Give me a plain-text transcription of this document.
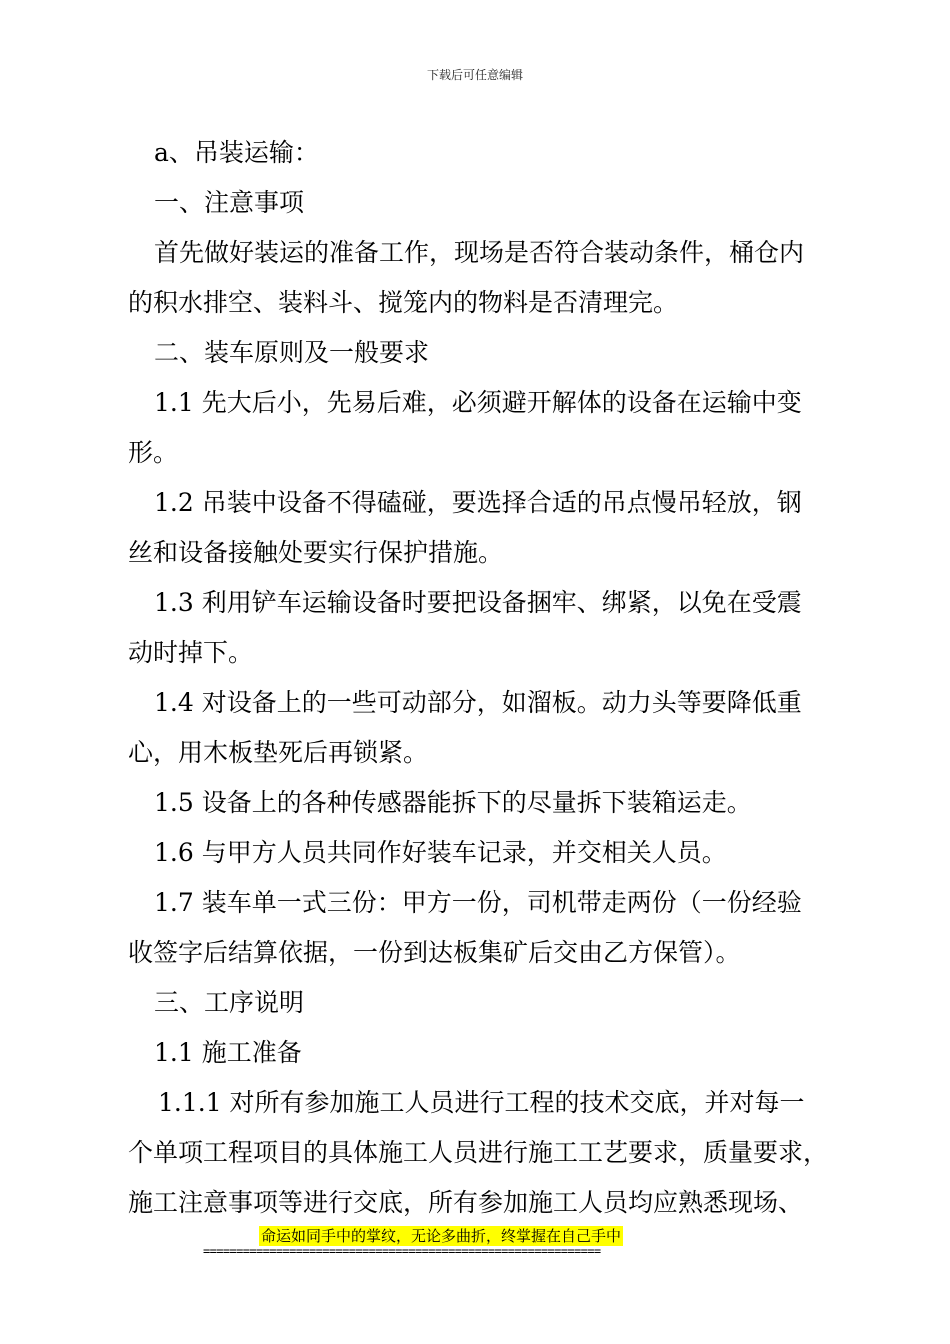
下载后可任意编辑
a、吊装运输：
一、注意事项
首先做好装运的准备工作，现场是否符合装动条件，桶仓内
的积水排空、装料斗、搅笼内的物料是否清理完。
二、装车原则及一般要求
1.1 先大后小，先易后难，必须避开解体的设备在运输中变
形。
1.2 吊装中设备不得磕碰，要选择合适的吊点慢吊轻放，钢
丝和设备接触处要实行保护措施。
1.3 利用铲车运输设备时要把设备捆牢、绑紧，以免在受震
动时掉下。
1.4 对设备上的一些可动部分，如溜板。动力头等要降低重
心，用木板垫死后再锁紧。
1.5 设备上的各种传感器能拆下的尽量拆下装箱运走。
1.6 与甲方人员共同作好装车记录，并交相关人员。
1.7 装车单一式三份：甲方一份，司机带走两份（一份经验
收签字后结算依据，一份到达板集矿后交由乙方保管）。
三、工序说明
1.1 施工准备
1.1.1 对所有参加施工人员进行工程的技术交底，并对每一
个单项工程项目的具体施工人员进行施工工艺要求，质量要求，
施工注意事项等进行交底，所有参加施工人员均应熟悉现场、
命运如同手中的掌纹，无论多曲折，终掌握在自己手中
============================================================
